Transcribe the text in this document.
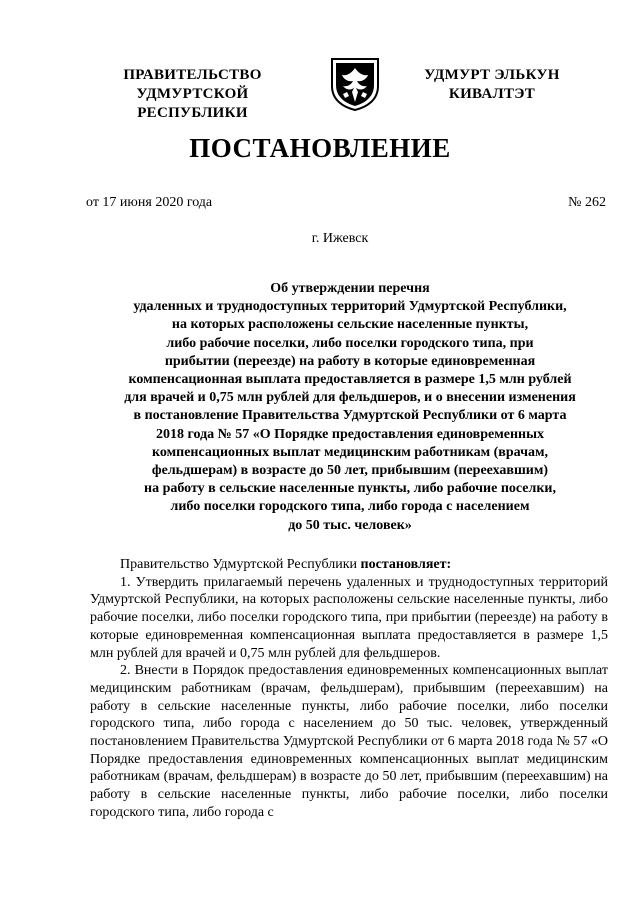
ПРАВИТЕЛЬСТВО
УДМУРТСКОЙ РЕСПУБЛИКИ
УДМУРТ ЭЛЬКУН
КИВАЛТЭТ
ПОСТАНОВЛЕНИЕ
от 17 июня 2020 года	№ 262
г. Ижевск
Об утверждении перечня
удаленных и труднодоступных территорий Удмуртской Республики,
на которых расположены сельские населенные пункты,
либо рабочие поселки, либо поселки городского типа, при
прибытии (переезде) на работу в которые единовременная
компенсационная выплата предоставляется в размере 1,5 млн рублей
для врачей и 0,75 млн рублей для фельдшеров, и о внесении изменения
в постановление Правительства Удмуртской Республики от 6 марта
2018 года № 57 «О Порядке предоставления единовременных
компенсационных выплат медицинским работникам (врачам,
фельдшерам) в возрасте до 50 лет, прибывшим (переехавшим)
на работу в сельские населенные пункты, либо рабочие поселки,
либо поселки городского типа, либо города с населением
до 50 тыс. человек»

Правительство Удмуртской Республики постановляет:

1. Утвердить прилагаемый перечень удаленных и труднодоступных территорий Удмуртской Республики, на которых расположены сельские населенные пункты, либо рабочие поселки, либо поселки городского типа, при прибытии (переезде) на работу в которые единовременная компенсационная выплата предоставляется в размере 1,5 млн рублей для врачей и 0,75 млн рублей для фельдшеров.

2. Внести в Порядок предоставления единовременных компенсационных выплат медицинским работникам (врачам, фельдшерам), прибывшим (переехавшим) на работу в сельские населенные пункты, либо рабочие поселки, либо поселки городского типа, либо города с населением до 50 тыс. человек, утвержденный постановлением Правительства Удмуртской Республики от 6 марта 2018 года № 57 «О Порядке предоставления единовременных компенсационных выплат медицинским работникам (врачам, фельдшерам) в возрасте до 50 лет, прибывшим (переехавшим) на работу в сельские населенные пункты, либо рабочие поселки, либо поселки городского типа, либо города с
